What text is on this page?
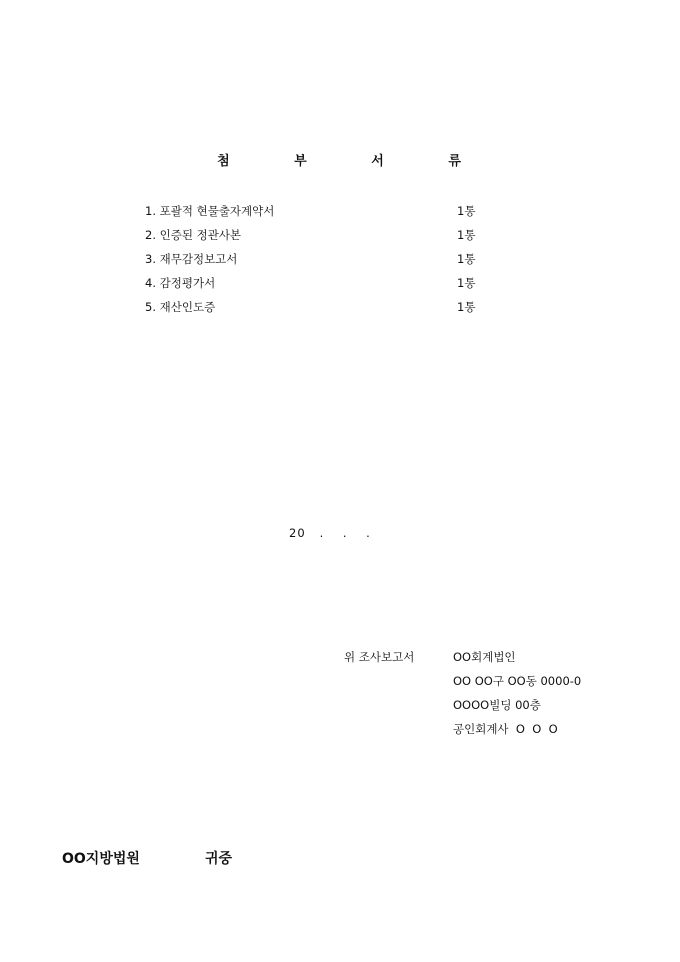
첨 부 서 류
1. 포괄적 현물출자계약서	1통
2. 인증된 정관사본	1통
3. 재무감정보고서	1통
4. 감정평가서	1통
5. 재산인도증	1통
20   .    .    .
위 조사보고서	OO회계법인
OO OO구 OO동 0000-0
OOOO빌딩 00층
공인회계사  O  O  O
OO지방법원	귀중
